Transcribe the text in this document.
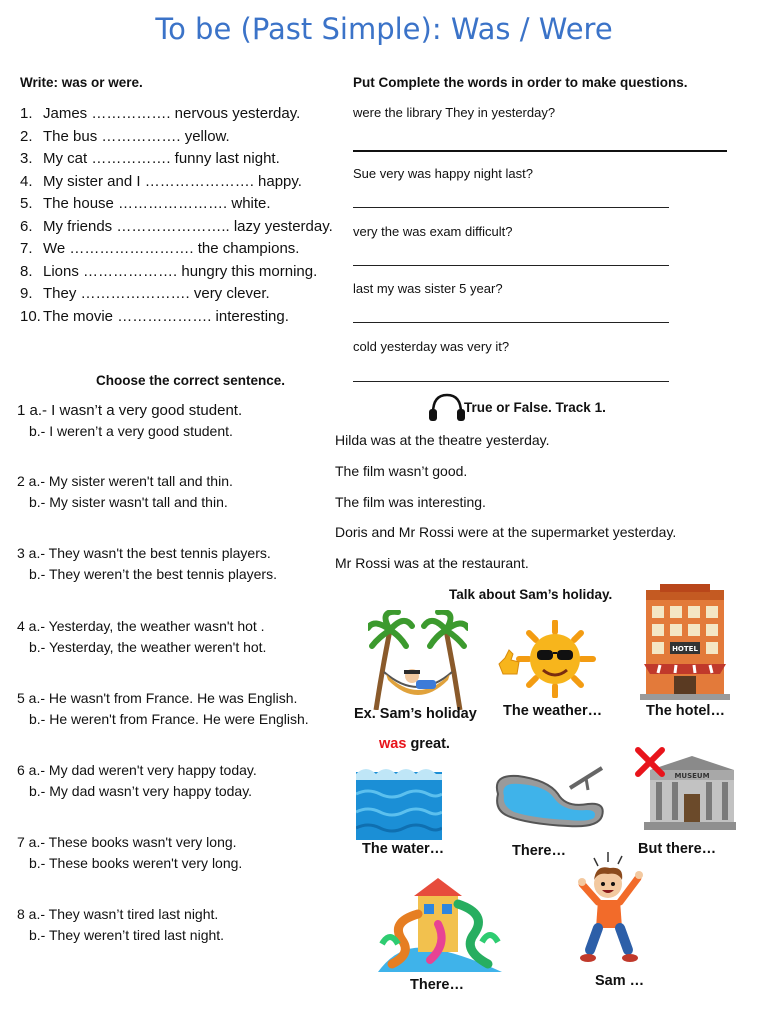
To be (Past Simple): Was / Were
Write: was or were.
1. James ……………. nervous yesterday.
2. The bus ……………. yellow.
3. My cat ……………. funny last night.
4. My sister and I …………………. happy.
5. The house …………………. white.
6. My friends ………………….. lazy yesterday.
7. We ……………………. the champions.
8. Lions ………………. hungry this morning.
9. They …………………. very clever.
10. The movie ………………. interesting.
Put Complete the words in order to make questions.
were the library They in yesterday?
Sue very was happy night last?
very the was exam difficult?
last my was sister 5 year?
cold yesterday was very it?
Choose the correct sentence.
1 a.- I wasn’t a very good student.
b.- I weren’t a very good student.
2 a.- My sister weren't tall and thin.
b.- My sister wasn't tall and thin.
3 a.- They wasn't the best tennis players.
b.- They weren’t the best tennis players.
4 a.- Yesterday, the weather wasn't hot .
b.- Yesterday, the weather weren't hot.
5 a.- He wasn't from France. He was English.
b.- He weren't from France. He were English.
6 a.- My dad weren't very happy today.
b.- My dad wasn’t very happy today.
7 a.- These books wasn't very long.
b.- These books weren't very long.
8 a.- They wasn’t tired last night.
b.- They weren’t tired last night.
True or False. Track 1.
Hilda was at the theatre yesterday.
The film wasn’t good.
The film was interesting.
Doris and Mr Rossi were at the supermarket yesterday.
Mr Rossi was at the restaurant.
Talk about Sam’s holiday.
HOTEL
Ex. Sam’s holiday
was great.
The weather…	The hotel…
MUSEUM
The water…	There…	But there…
There…	Sam …
